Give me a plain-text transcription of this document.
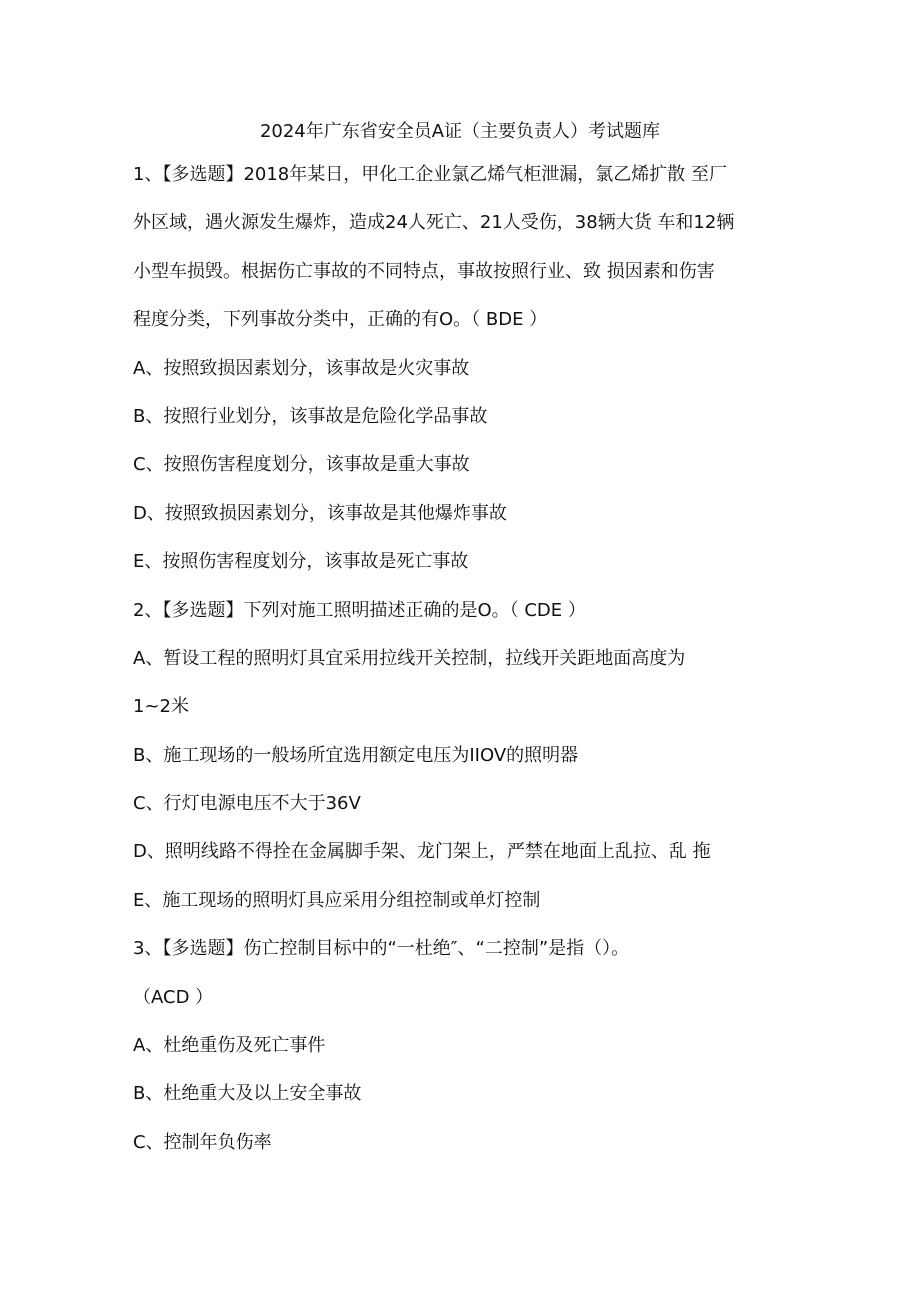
2024年广东省安全员A证（主要负责人）考试题库
1、【多选题】2018年某日，甲化工企业氯乙烯气柜泄漏，氯乙烯扩散 至厂
外区域，遇火源发生爆炸，造成24人死亡、21人受伤，38辆大货 车和12辆
小型车损毁。根据伤亡事故的不同特点，事故按照行业、致 损因素和伤害
程度分类，下列事故分类中，正确的有O。（ BDE ）
A、按照致损因素划分，该事故是火灾事故
B、按照行业划分，该事故是危险化学品事故
C、按照伤害程度划分，该事故是重大事故
D、按照致损因素划分，该事故是其他爆炸事故
E、按照伤害程度划分，该事故是死亡事故
2、【多选题】下列对施工照明描述正确的是O。（ CDE ）
A、暂设工程的照明灯具宜采用拉线开关控制，拉线开关距地面高度为
1~2米
B、施工现场的一般场所宜选用额定电压为IIOV的照明器
C、行灯电源电压不大于36V
D、照明线路不得拴在金属脚手架、龙门架上，严禁在地面上乱拉、乱 拖
E、施工现场的照明灯具应采用分组控制或单灯控制
3、【多选题】伤亡控制目标中的“一杜绝″、“二控制”是指（）。
（ACD ）
A、杜绝重伤及死亡事件
B、杜绝重大及以上安全事故
C、控制年负伤率
